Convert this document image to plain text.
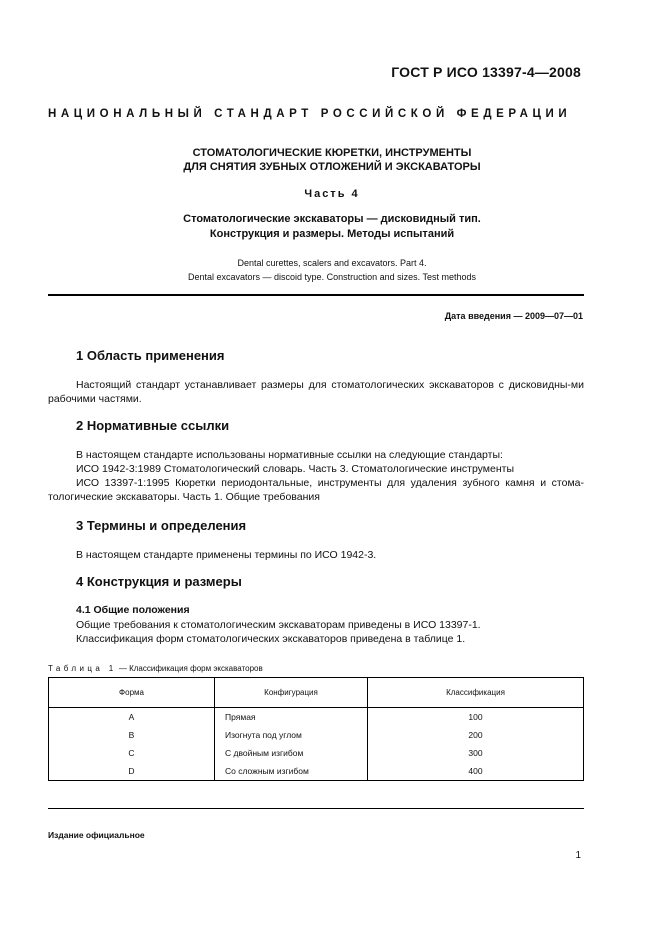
ГОСТ Р ИСО 13397-4—2008
НАЦИОНАЛЬНЫЙ СТАНДАРТ РОССИЙСКОЙ ФЕДЕРАЦИИ
СТОМАТОЛОГИЧЕСКИЕ КЮРЕТКИ, ИНСТРУМЕНТЫ
ДЛЯ СНЯТИЯ ЗУБНЫХ ОТЛОЖЕНИЙ И ЭКСКАВАТОРЫ
Часть 4
Стоматологические экскаваторы — дисковидный тип.
Конструкция и размеры. Методы испытаний
Dental curettes, scalers and excavators. Part 4.
Dental excavators — discoid type. Construction and sizes. Test methods
Дата введения — 2009—07—01
1 Область применения
Настоящий стандарт устанавливает размеры для стоматологических экскаваторов с дисковидны-ми рабочими частями.
2 Нормативные ссылки
В настоящем стандарте использованы нормативные ссылки на следующие стандарты:
ИСО 1942-3:1989 Стоматологический словарь. Часть 3. Стоматологические инструменты
ИСО 13397-1:1995 Кюретки периодонтальные, инструменты для удаления зубного камня и стома-тологические экскаваторы. Часть 1. Общие требования
3 Термины и определения
В настоящем стандарте применены термины по ИСО 1942-3.
4 Конструкция и размеры
4.1 Общие положения
Общие требования к стоматологическим экскаваторам приведены в ИСО 13397-1.
Классификация форм стоматологических экскаваторов приведена в таблице 1.
Таблица 1 — Классификация форм экскаваторов
Форма	Конфигурация	Классификация
A	Прямая	100
B	Изогнута под углом	200
C	С двойным изгибом	300
D	Со сложным изгибом	400
Издание официальное
1
